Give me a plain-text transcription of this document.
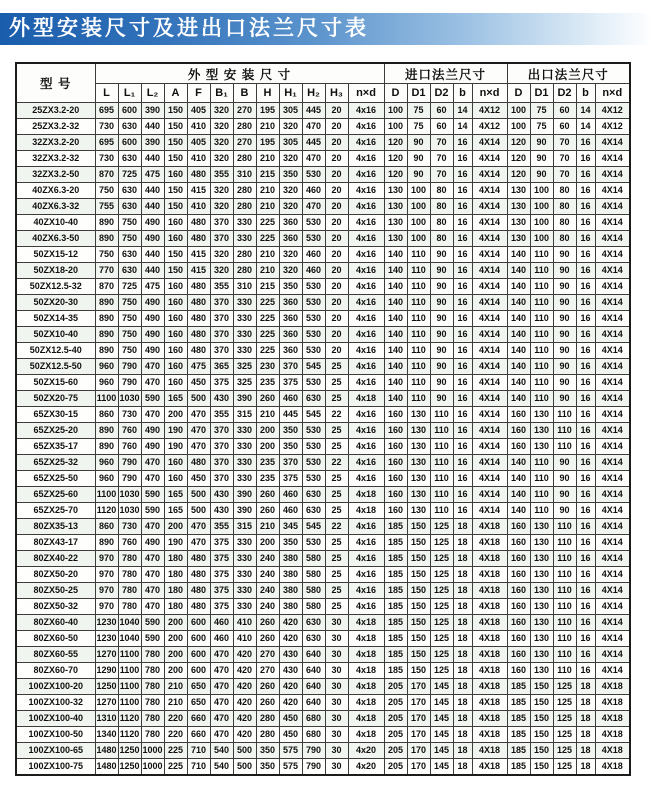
外型安装尺寸及进出口法兰尺寸表
型 号	外 型 安 装 尺 寸												进口法兰尺寸					出口法兰尺寸				
	L	L₁	L₂	A	F	B₁	B	H	H₁	H₂	H₃	n×d	D	D1	D2	b	n×d	D	D1	D2	b	n×d
25ZX3.2-20	695	600	390	150	405	320	270	195	305	445	20	4x16	100	75	60	14	4X12	100	75	60	14	4X12
25ZX3.2-32	730	630	440	150	410	320	280	210	320	470	20	4x16	100	75	60	14	4X12	100	75	60	14	4X12
32ZX3.2-20	695	600	390	150	405	320	270	195	305	445	20	4x16	120	90	70	16	4X14	120	90	70	16	4X14
32ZX3.2-32	730	630	440	150	410	320	280	210	320	470	20	4x16	120	90	70	16	4X14	120	90	70	16	4X14
32ZX3.2-50	870	725	475	160	480	355	310	215	350	530	20	4x16	120	90	70	16	4X14	120	90	70	16	4X14
40ZX6.3-20	750	630	440	150	415	320	280	210	320	460	20	4x16	130	100	80	16	4X14	130	100	80	16	4X14
40ZX6.3-32	755	630	440	150	410	320	280	210	320	470	20	4x16	130	100	80	16	4X14	130	100	80	16	4X14
40ZX10-40	890	750	490	160	480	370	330	225	360	530	20	4x16	130	100	80	16	4X14	130	100	80	16	4X14
40ZX6.3-50	890	750	490	160	480	370	330	225	360	530	20	4x16	130	100	80	16	4X14	130	100	80	16	4X14
50ZX15-12	750	630	440	150	415	320	280	210	320	460	20	4x16	140	110	90	16	4X14	140	110	90	16	4X14
50ZX18-20	770	630	440	150	415	320	280	210	320	460	20	4x16	140	110	90	16	4X14	140	110	90	16	4X14
50ZX12.5-32	870	725	475	160	480	355	310	215	350	530	20	4x16	140	110	90	16	4X14	140	110	90	16	4X14
50ZX20-30	890	750	490	160	480	370	330	225	360	530	20	4x16	140	110	90	16	4X14	140	110	90	16	4X14
50ZX14-35	890	750	490	160	480	370	330	225	360	530	20	4x16	140	110	90	16	4X14	140	110	90	16	4X14
50ZX10-40	890	750	490	160	480	370	330	225	360	530	20	4x16	140	110	90	16	4X14	140	110	90	16	4X14
50ZX12.5-40	890	750	490	160	480	370	330	225	360	530	20	4x16	140	110	90	16	4X14	140	110	90	16	4X14
50ZX12.5-50	960	790	470	160	475	365	325	230	370	545	25	4x16	140	110	90	16	4X14	140	110	90	16	4X14
50ZX15-60	960	790	470	160	450	375	325	235	375	530	25	4x16	140	110	90	16	4X14	140	110	90	16	4X14
50ZX20-75	1100	1030	590	165	500	430	390	260	460	630	25	4x18	140	110	90	16	4X14	140	110	90	16	4X14
65ZX30-15	860	730	470	200	470	355	315	210	445	545	22	4x16	160	130	110	16	4X14	160	130	110	16	4X14
65ZX25-20	890	760	490	190	470	370	330	200	350	530	25	4x16	160	130	110	16	4X14	160	130	110	16	4X14
65ZX35-17	890	760	490	190	470	370	330	200	350	530	25	4x16	160	130	110	16	4X14	160	130	110	16	4X14
65ZX25-32	960	790	470	160	480	370	330	235	370	530	22	4x16	160	130	110	16	4X14	140	110	90	16	4X14
65ZX25-50	960	790	470	160	450	370	330	235	375	530	25	4x16	160	130	110	16	4X14	140	110	90	16	4X14
65ZX25-60	1100	1030	590	165	500	430	390	260	460	630	25	4x18	160	130	110	16	4X14	140	110	90	16	4X14
65ZX25-70	1120	1030	590	165	500	430	390	260	460	630	25	4x18	160	130	110	16	4X14	140	110	90	16	4X14
80ZX35-13	860	730	470	200	470	355	315	210	345	545	22	4x16	185	150	125	18	4X18	160	130	110	16	4X14
80ZX43-17	890	760	490	190	470	375	330	200	350	530	25	4x16	185	150	125	18	4X18	160	130	110	16	4X14
80ZX40-22	970	780	470	180	480	375	330	240	380	580	25	4x16	185	150	125	18	4X18	160	130	110	16	4X14
80ZX50-20	970	780	470	180	480	375	330	240	380	580	25	4x16	185	150	125	18	4X18	160	130	110	16	4X14
80ZX50-25	970	780	470	180	480	375	330	240	380	580	25	4x16	185	150	125	18	4X18	160	130	110	16	4X14
80ZX50-32	970	780	470	180	480	375	330	240	380	580	25	4x16	185	150	125	18	4X18	160	130	110	16	4X14
80ZX60-40	1230	1040	590	200	600	460	410	260	420	630	30	4x18	185	150	125	18	4X18	160	130	110	16	4X14
80ZX60-50	1230	1040	590	200	600	460	410	260	420	630	30	4x18	185	150	125	18	4X18	160	130	110	16	4X14
80ZX60-55	1270	1100	780	200	600	470	420	270	430	640	30	4x18	185	150	125	18	4X18	160	130	110	16	4X14
80ZX60-70	1290	1100	780	200	600	470	420	270	430	640	30	4x18	185	150	125	18	4X18	160	130	110	16	4X14
100ZX100-20	1250	1100	780	210	650	470	420	260	420	640	30	4x18	205	170	145	18	4X18	185	150	125	18	4X18
100ZX100-32	1270	1100	780	210	650	470	420	260	420	640	30	4x18	205	170	145	18	4X18	185	150	125	18	4X18
100ZX100-40	1310	1120	780	220	660	470	420	280	450	680	30	4x18	205	170	145	18	4X18	185	150	125	18	4X18
100ZX100-50	1340	1120	780	220	660	470	420	280	450	680	30	4x18	205	170	145	18	4X18	185	150	125	18	4X18
100ZX100-65	1480	1250	1000	225	710	540	500	350	575	790	30	4x20	205	170	145	18	4X18	185	150	125	18	4X18
100ZX100-75	1480	1250	1000	225	710	540	500	350	575	790	30	4x20	205	170	145	18	4X18	185	150	125	18	4X18
